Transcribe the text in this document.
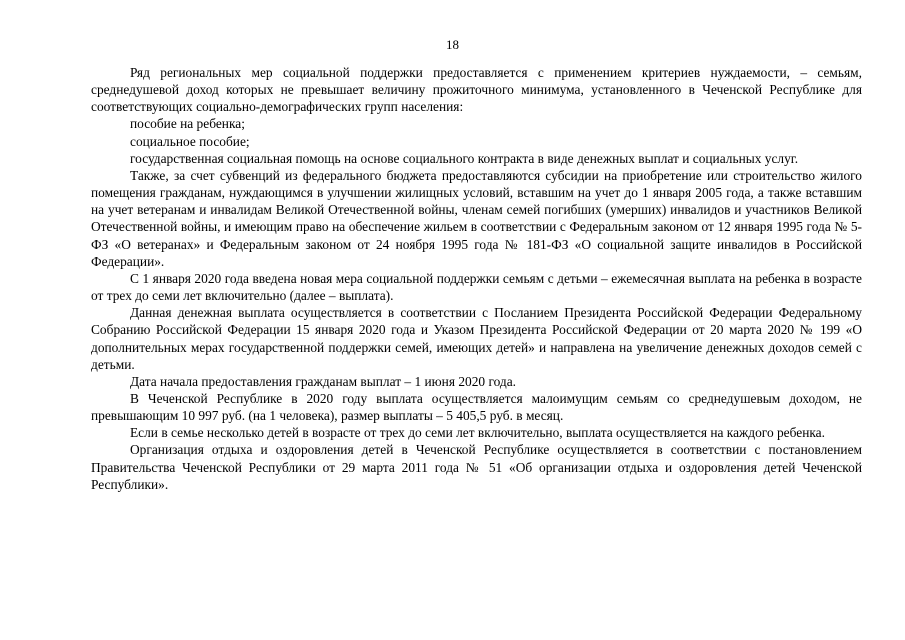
18

Ряд региональных мер социальной поддержки предоставляется с применением критериев нуждаемости, – семьям, среднедушевой доход которых не превышает величину прожиточного минимума, установленного в Чеченской Республике для соответствующих социально-демографических групп населения:

пособие на ребенка;

социальное пособие;

государственная социальная помощь на основе социального контракта в виде денежных выплат и социальных услуг.

Также, за счет субвенций из федерального бюджета предоставляются субсидии на приобретение или строительство жилого помещения гражданам, нуждающимся в улучшении жилищных условий, вставшим на учет до 1 января 2005 года, а также вставшим на учет ветеранам и инвалидам Великой Отечественной войны, членам семей погибших (умерших) инвалидов и участников Великой Отечественной войны, и имеющим право на обеспечение жильем в соответствии с Федеральным законом от 12 января 1995 года № 5-ФЗ «О ветеранах» и Федеральным законом от 24 ноября 1995 года № 181-ФЗ «О социальной защите инвалидов в Российской Федерации».

С 1 января 2020 года введена новая мера социальной поддержки семьям с детьми – ежемесячная выплата на ребенка в возрасте от трех до семи лет включительно (далее – выплата).

Данная денежная выплата осуществляется в соответствии с Посланием Президента Российской Федерации Федеральному Собранию Российской Федерации 15 января 2020 года и Указом Президента Российской Федерации от 20 марта 2020 № 199 «О дополнительных мерах государственной поддержки семей, имеющих детей» и направлена на увеличение денежных доходов семей с детьми.

Дата начала предоставления гражданам выплат – 1 июня 2020 года.

В Чеченской Республике в 2020 году выплата осуществляется малоимущим семьям со среднедушевым доходом, не превышающим 10 997 руб. (на 1 человека), размер выплаты – 5 405,5 руб. в месяц.

Если в семье несколько детей в возрасте от трех до семи лет включительно, выплата осуществляется на каждого ребенка.

Организация отдыха и оздоровления детей в Чеченской Республике осуществляется в соответствии с постановлением Правительства Чеченской Республики от 29 марта 2011 года № 51 «Об организации отдыха и оздоровления детей Чеченской Республики».
